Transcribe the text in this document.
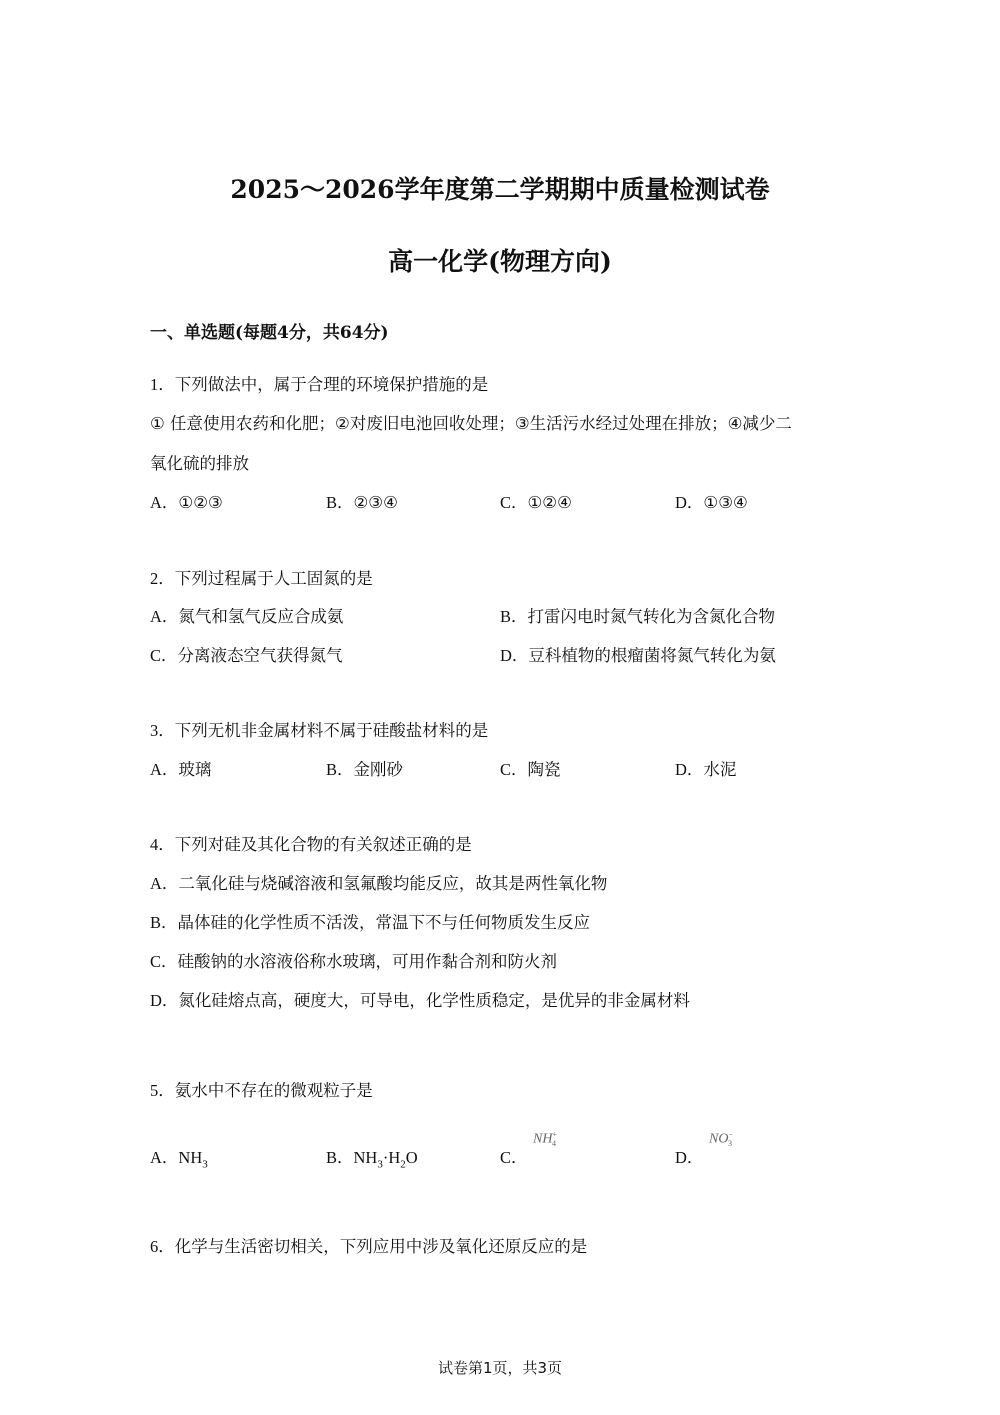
2025～2026学年度第二学期期中质量检测试卷
高一化学(物理方向)
一、单选题(每题4分，共64分)
1．下列做法中，属于合理的环境保护措施的是
① 任意使用农药和化肥；②对废旧电池回收处理；③生活污水经过处理在排放；④减少二
氧化硫的排放
A．①②③	B．②③④	C．①②④	D．①③④
2．下列过程属于人工固氮的是
A．氮气和氢气反应合成氨	B．打雷闪电时氮气转化为含氮化合物
C．分离液态空气获得氮气	D．豆科植物的根瘤菌将氮气转化为氨
3．下列无机非金属材料不属于硅酸盐材料的是
A．玻璃	B．金刚砂	C．陶瓷	D．水泥
4．下列对硅及其化合物的有关叙述正确的是
A．二氧化硅与烧碱溶液和氢氟酸均能反应，故其是两性氧化物
B．晶体硅的化学性质不活泼，常温下不与任何物质发生反应
C．硅酸钠的水溶液俗称水玻璃，可用作黏合剂和防火剂
D．氮化硅熔点高，硬度大，可导电，化学性质稳定，是优异的非金属材料
5．氨水中不存在的微观粒子是
A．$NH_3$	B．$NH_3\cdot H_2O$	C．
$NH^+_4$
D．
$NO^-_3$
6．化学与生活密切相关，下列应用中涉及氧化还原反应的是
试卷第1页，共3页
